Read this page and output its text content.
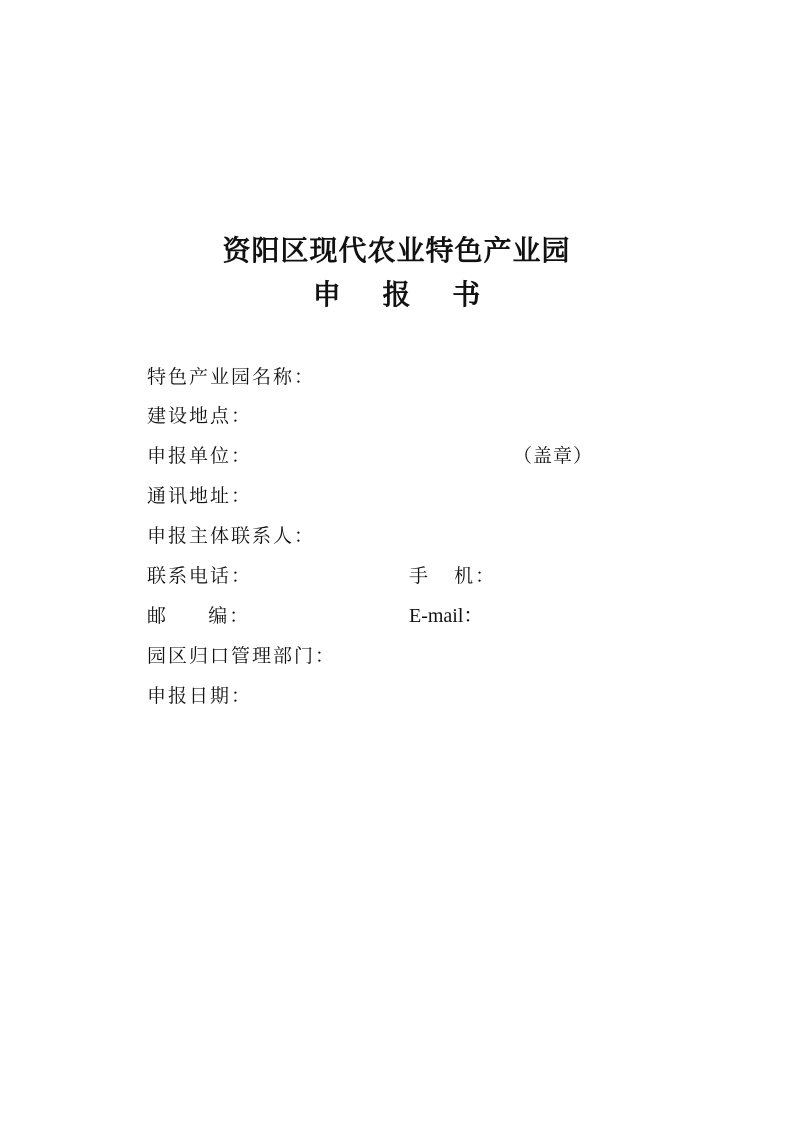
资阳区现代农业特色产业园
申 报 书
特色产业园名称：
建设地点：
申报单位：	（盖章）
通讯地址：
申报主体联系人：
联系电话：	手   机：
邮     编：	E-mail：
园区归口管理部门：
申报日期：
